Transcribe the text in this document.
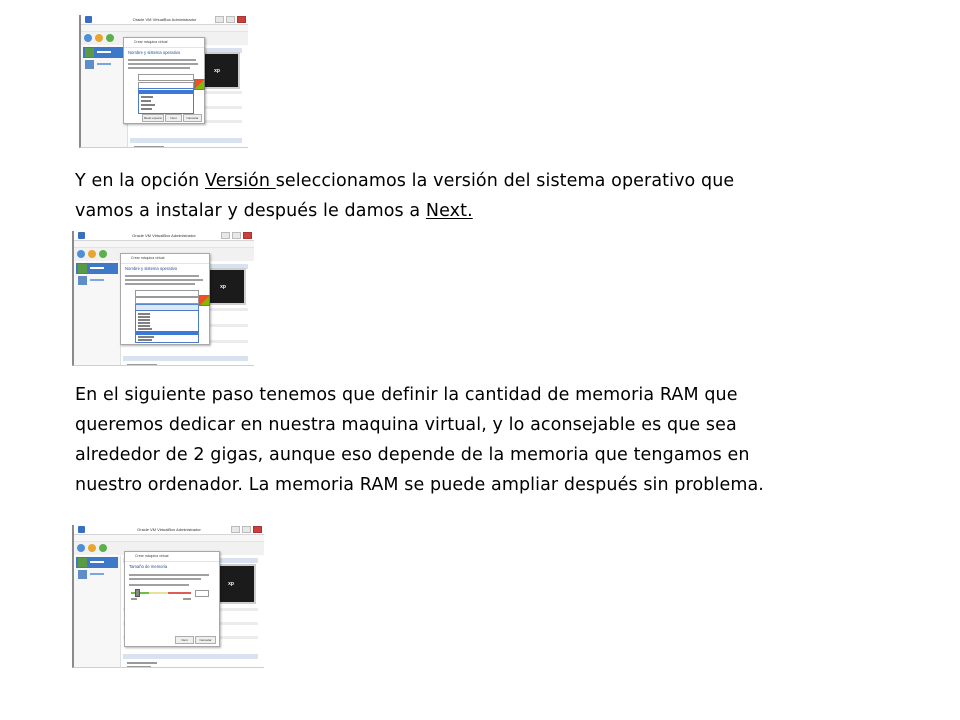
Oracle VM VirtualBox Administrador
xp
Crear máquina virtual
Nombre y sistema operativo
Modo experto	Next	Cancelar
Y en la opción Versión seleccionamos la versión del sistema operativo que
vamos a instalar y después le damos a Next.
Oracle VM VirtualBox Administrador
xp
Crear máquina virtual
Nombre y sistema operativo
En el siguiente paso tenemos que definir la cantidad de memoria RAM que
queremos dedicar en nuestra maquina virtual, y lo aconsejable es que sea
alrededor de 2 gigas, aunque eso depende de la memoria que tengamos en
nuestro ordenador. La memoria RAM se puede ampliar después sin problema.
Oracle VM VirtualBox Administrador
xp
Crear máquina virtual
Tamaño de memoria
Next	Cancelar
